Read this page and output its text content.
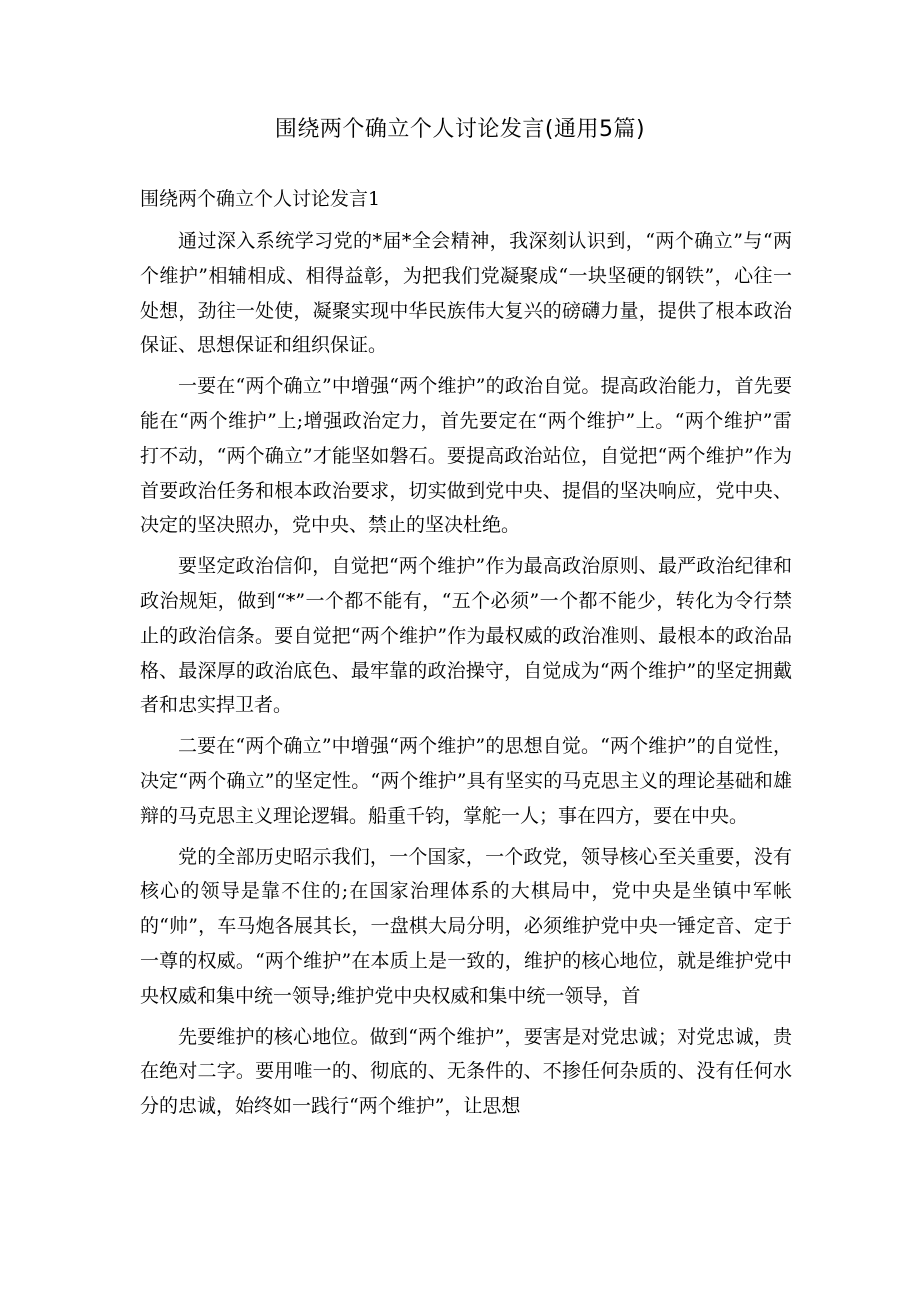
围绕两个确立个人讨论发言(通用5篇)
围绕两个确立个人讨论发言1

通过深入系统学习党的*届*全会精神，我深刻认识到，“两个确立”与“两个维护”相辅相成、相得益彰，为把我们党凝聚成“一块坚硬的钢铁”，心往一处想，劲往一处使，凝聚实现中华民族伟大复兴的磅礴力量，提供了根本政治保证、思想保证和组织保证。

一要在“两个确立”中增强“两个维护”的政治自觉。提高政治能力，首先要能在“两个维护”上;增强政治定力，首先要定在“两个维护”上。“两个维护”雷打不动，“两个确立”才能坚如磐石。要提高政治站位，自觉把“两个维护”作为首要政治任务和根本政治要求，切实做到党中央、提倡的坚决响应，党中央、决定的坚决照办，党中央、禁止的坚决杜绝。

要坚定政治信仰，自觉把“两个维护”作为最高政治原则、最严政治纪律和政治规矩，做到“*”一个都不能有，“五个必须”一个都不能少，转化为令行禁止的政治信条。要自觉把“两个维护”作为最权威的政治准则、最根本的政治品格、最深厚的政治底色、最牢靠的政治操守，自觉成为“两个维护”的坚定拥戴者和忠实捍卫者。

二要在“两个确立”中增强“两个维护”的思想自觉。“两个维护”的自觉性，决定“两个确立”的坚定性。“两个维护”具有坚实的马克思主义的理论基础和雄辩的马克思主义理论逻辑。船重千钧，掌舵一人；事在四方，要在中央。

党的全部历史昭示我们，一个国家，一个政党，领导核心至关重要，没有核心的领导是靠不住的;在国家治理体系的大棋局中，党中央是坐镇中军帐的“帅”，车马炮各展其长，一盘棋大局分明，必须维护党中央一锤定音、定于一尊的权威。“两个维护”在本质上是一致的，维护的核心地位，就是维护党中央权威和集中统一领导;维护党中央权威和集中统一领导，首

先要维护的核心地位。做到“两个维护”，要害是对党忠诚；对党忠诚，贵在绝对二字。要用唯一的、彻底的、无条件的、不掺任何杂质的、没有任何水分的忠诚，始终如一践行“两个维护”，让思想
